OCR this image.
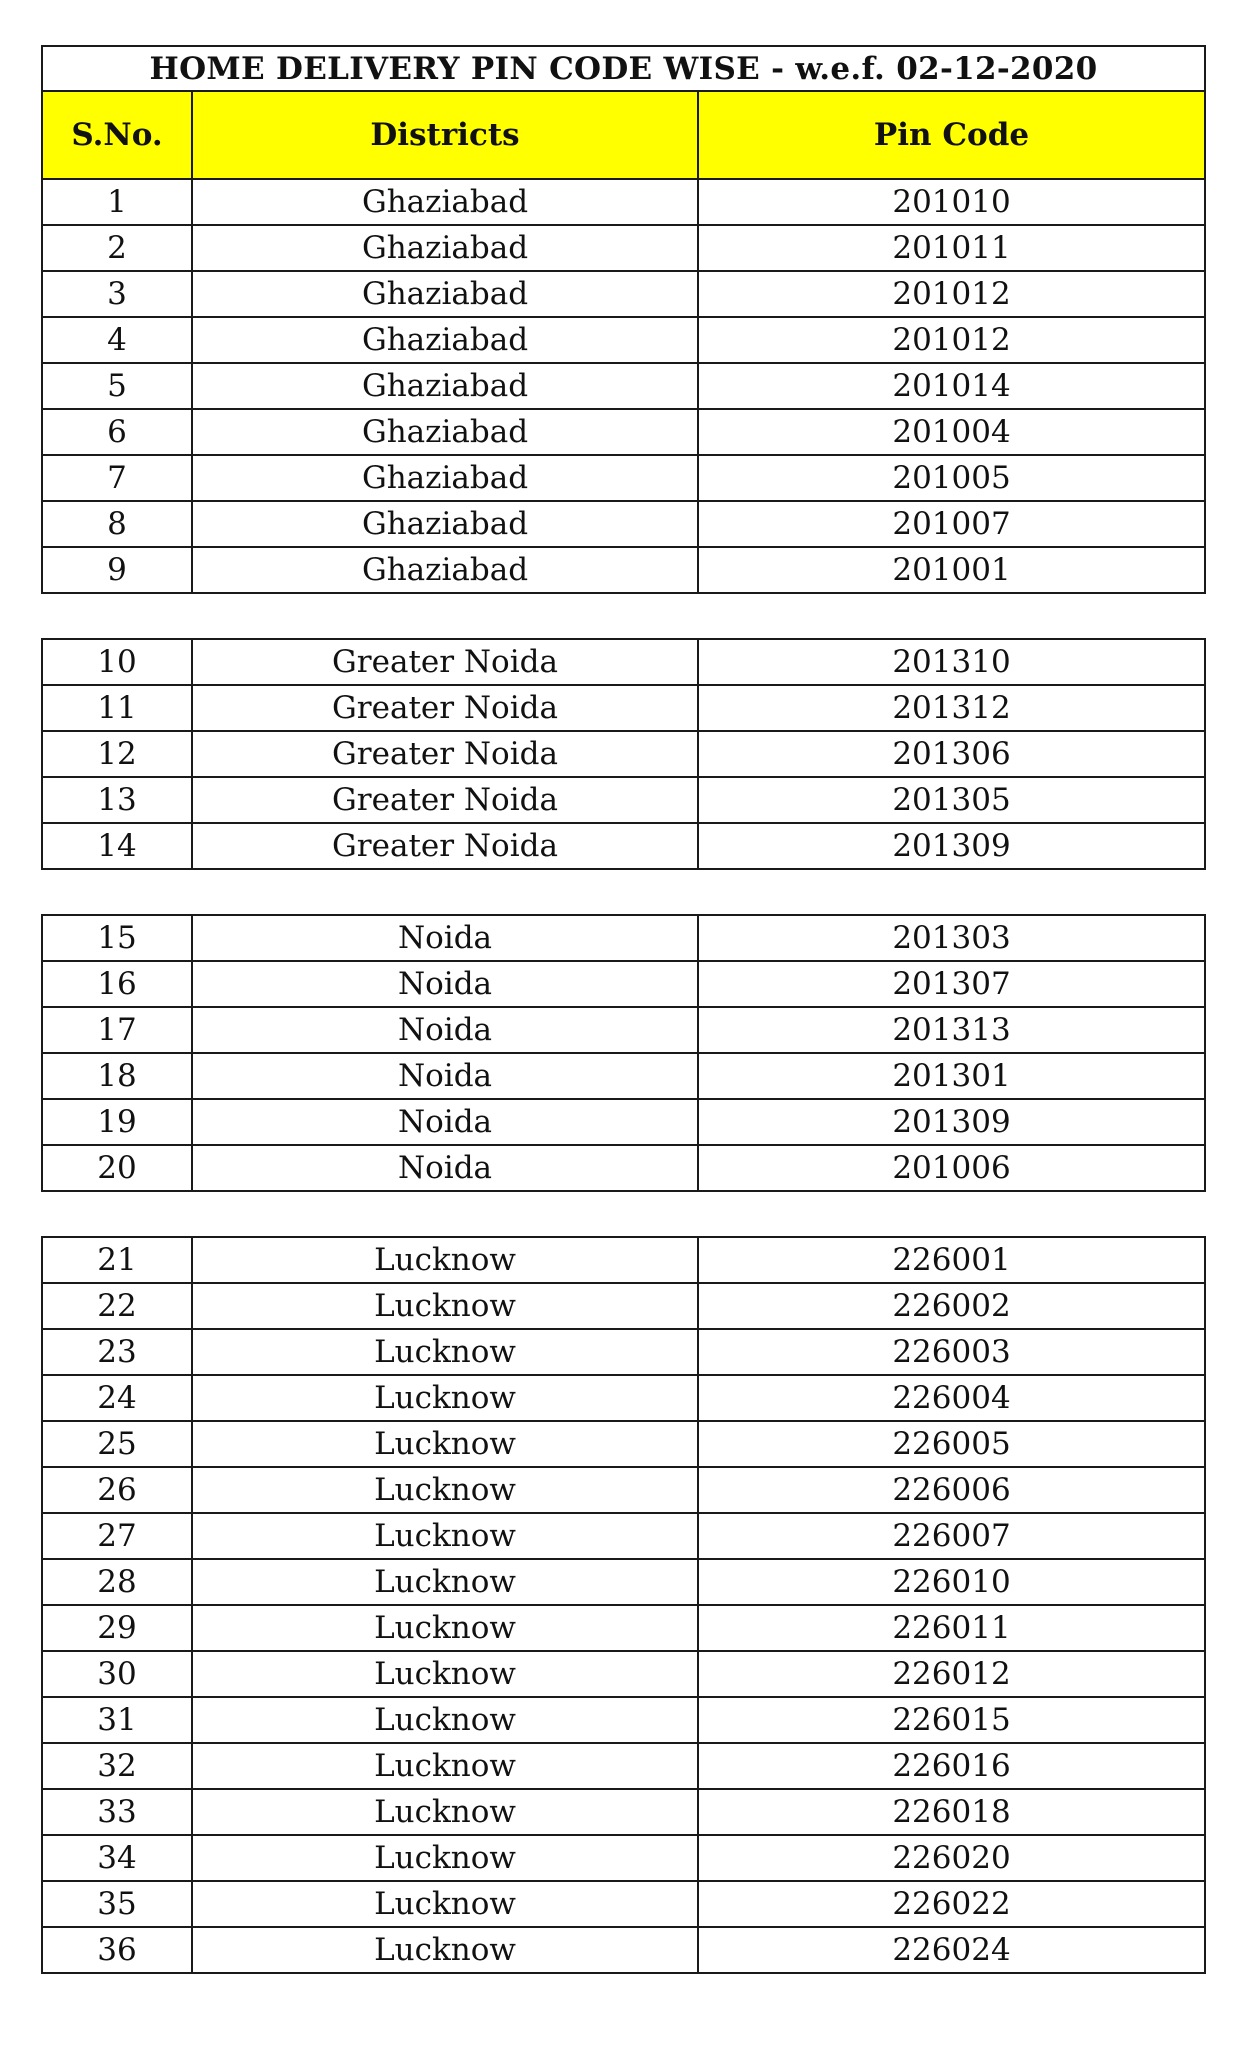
HOME DELIVERY PIN CODE WISE - w.e.f. 02-12-2020		
S.No.	Districts	Pin Code
1	Ghaziabad	201010
2	Ghaziabad	201011
3	Ghaziabad	201012
4	Ghaziabad	201012
5	Ghaziabad	201014
6	Ghaziabad	201004
7	Ghaziabad	201005
8	Ghaziabad	201007
9	Ghaziabad	201001
10	Greater Noida	201310
11	Greater Noida	201312
12	Greater Noida	201306
13	Greater Noida	201305
14	Greater Noida	201309
15	Noida	201303
16	Noida	201307
17	Noida	201313
18	Noida	201301
19	Noida	201309
20	Noida	201006
21	Lucknow	226001
22	Lucknow	226002
23	Lucknow	226003
24	Lucknow	226004
25	Lucknow	226005
26	Lucknow	226006
27	Lucknow	226007
28	Lucknow	226010
29	Lucknow	226011
30	Lucknow	226012
31	Lucknow	226015
32	Lucknow	226016
33	Lucknow	226018
34	Lucknow	226020
35	Lucknow	226022
36	Lucknow	226024
